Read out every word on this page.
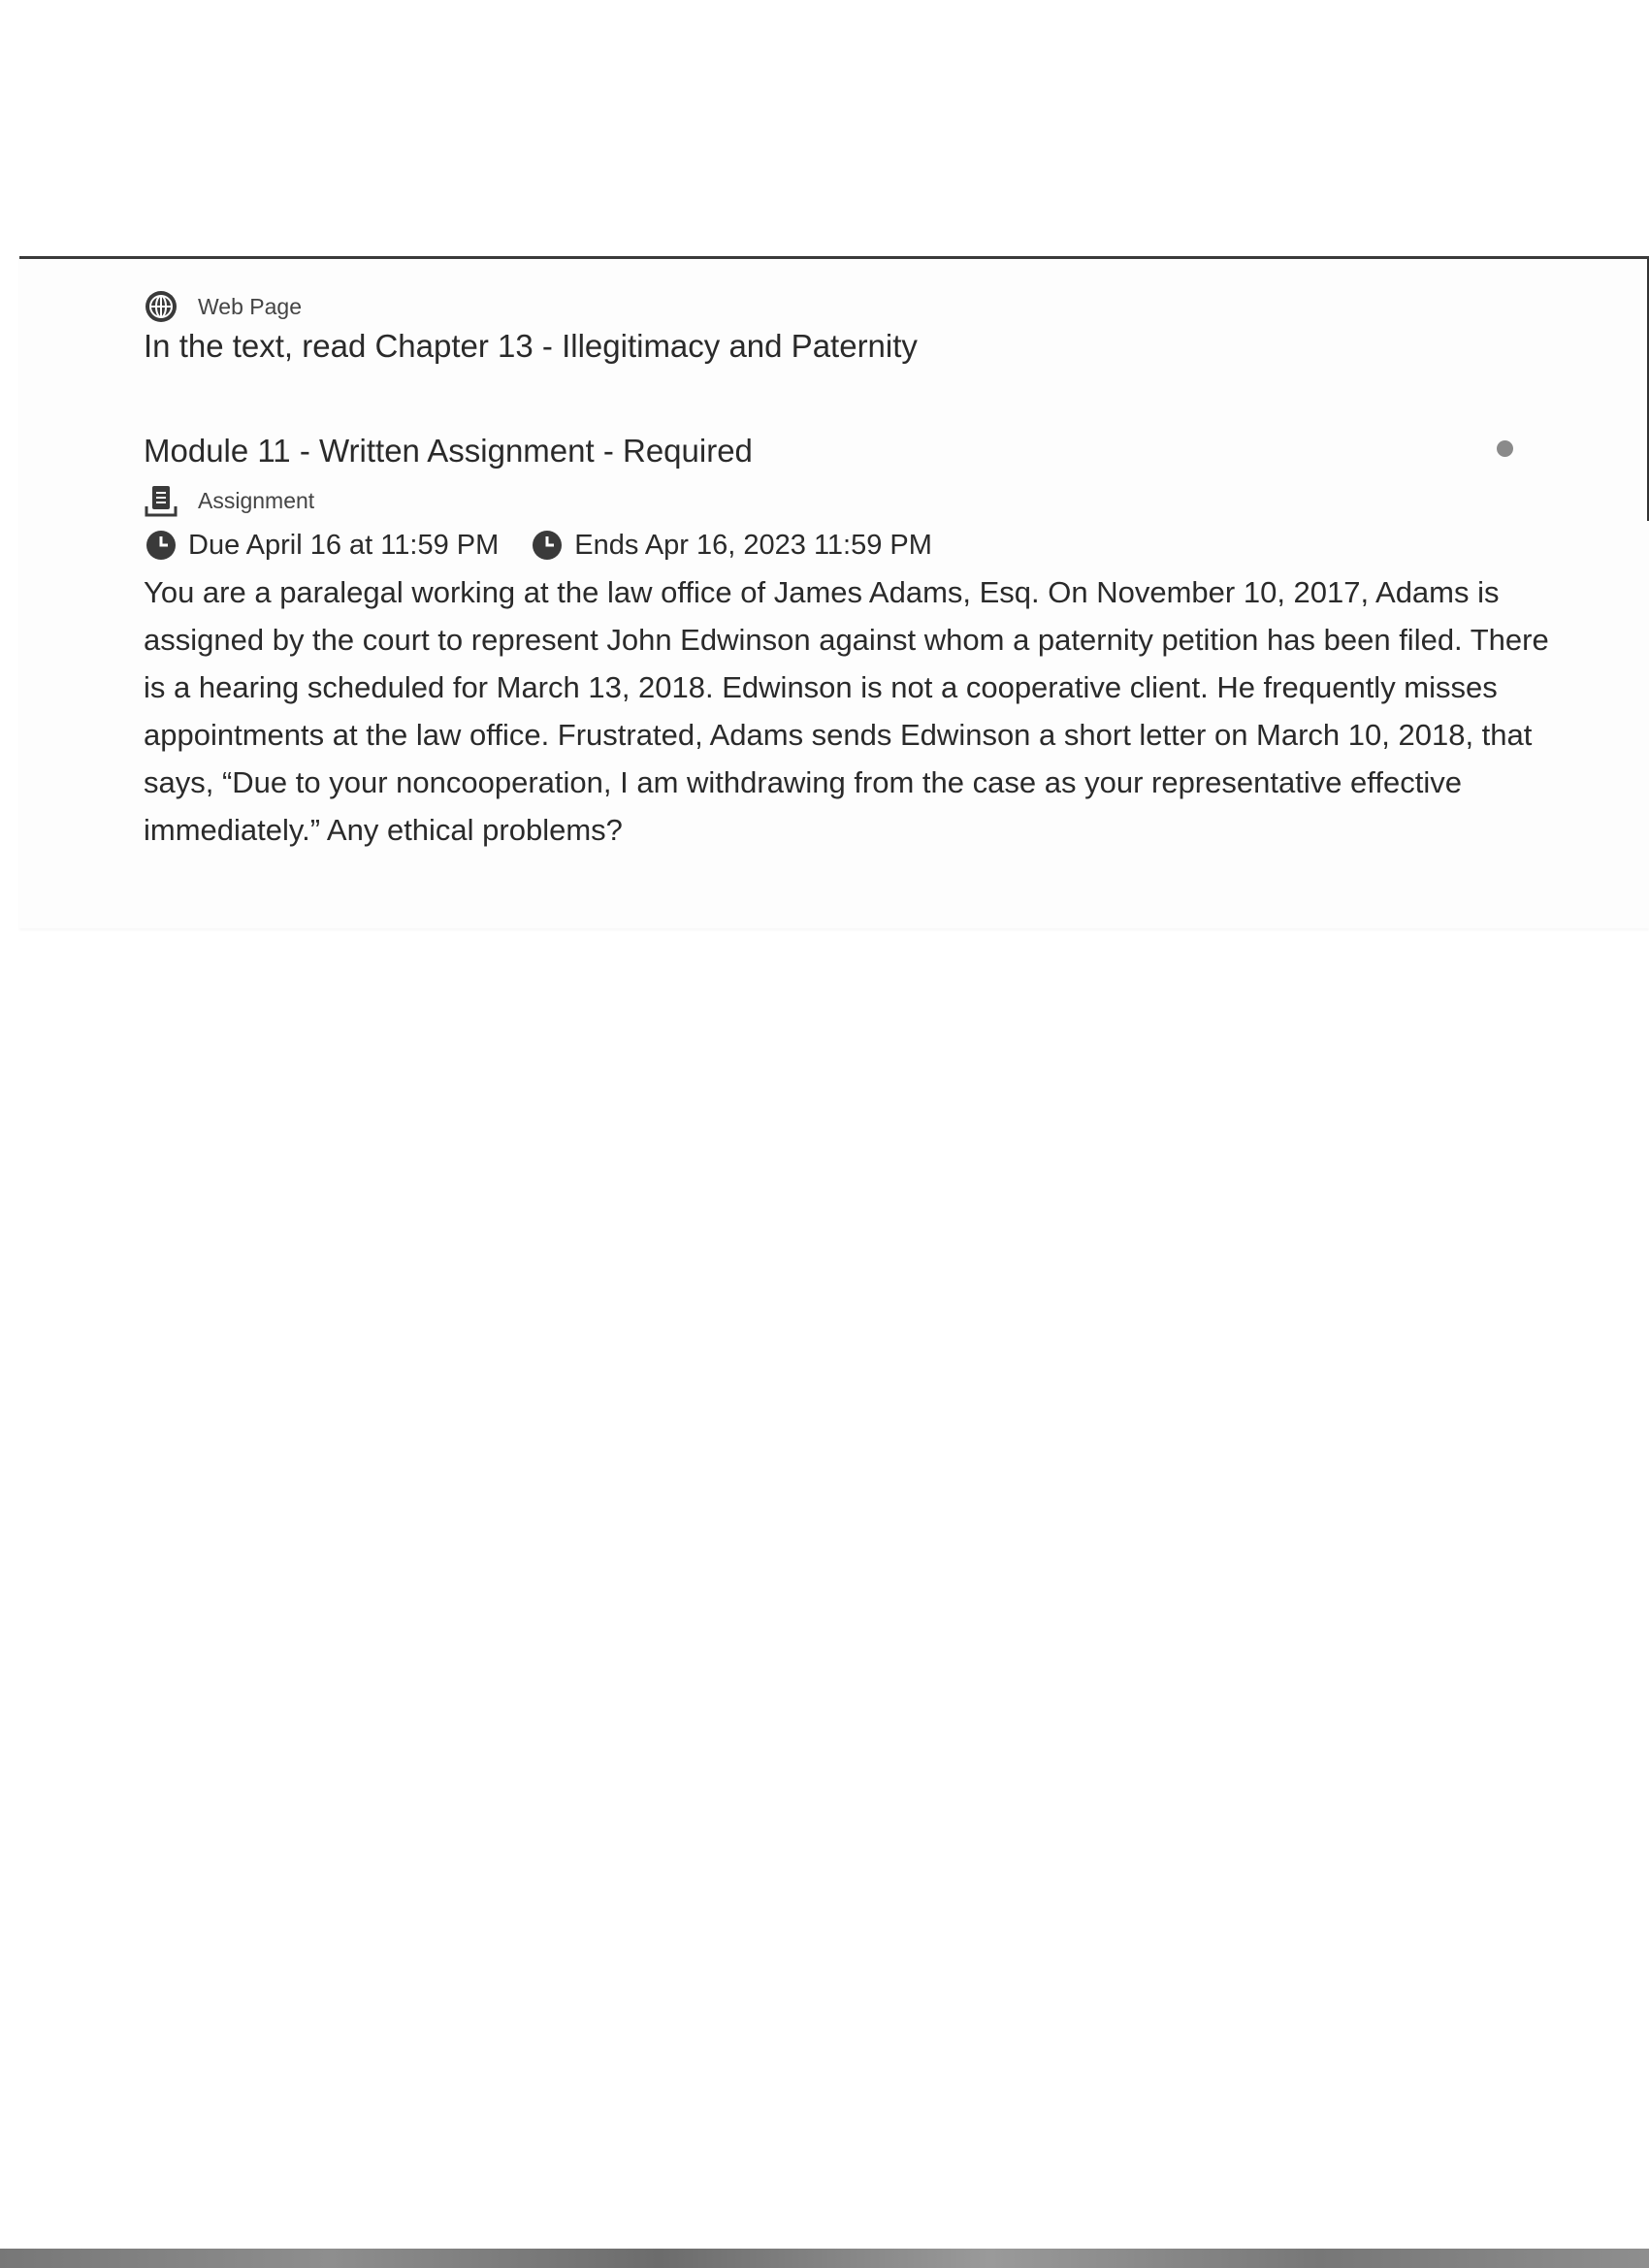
Web Page
In the text, read Chapter 13 - Illegitimacy and Paternity
Module 11 - Written Assignment - Required
Assignment
Due April 16 at 11:59 PM	Ends Apr 16, 2023 11:59 PM
You are a paralegal working at the law office of James Adams, Esq. On November 10, 2017, Adams is assigned by the court to represent John Edwinson against whom a paternity petition has been filed. There is a hearing scheduled for March 13, 2018. Edwinson is not a cooperative client. He frequently misses appointments at the law office. Frustrated, Adams sends Edwinson a short letter on March 10, 2018, that says, “Due to your noncooperation, I am withdrawing from the case as your representative effective immediately.” Any ethical problems?
